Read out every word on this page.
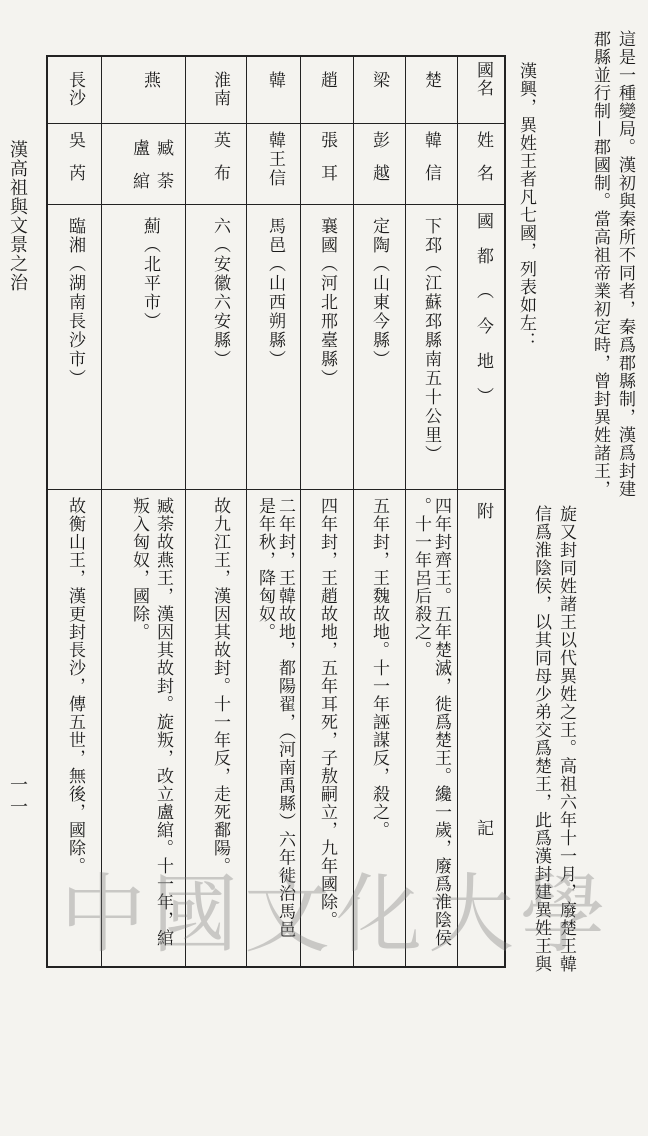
漢高祖與文景之治
一一
這是一種變局。漢初與秦所不同者，秦爲郡縣制，漢爲封建
郡縣並行制—郡國制。當高祖帝業初定時，曾封異姓諸王，
漢興，異姓王者凡七國，列表如左：
旋又封同姓諸王以代異姓之王。高祖六年十一月，廢楚王韓
信爲淮陰侯，以其同母少弟交爲楚王，此爲漢封建異姓王與
國名
姓名
國都（今地）
附記
楚
韓信
下邳（江蘇邳縣南五十公里）
四年封齊王。五年楚滅，徙爲楚王。纔一歲，廢爲淮陰侯
。十一年呂后殺之。
梁
彭越
定陶（山東今縣）
五年封，王魏故地。十一年誣謀反，殺之。
趙
張耳
襄國（河北邢臺縣）
四年封，王趙故地，五年耳死，子敖嗣立，九年國除。
韓
韓王信
馬邑（山西朔縣）
二年封，王韓故地，都陽翟，（河南禹縣）六年徙治馬邑
是年秋，降匈奴。
淮南
英布
六（安徽六安縣）
故九江王，漢因其故封。十一年反，走死鄱陽。
燕
臧荼
盧綰
薊（北平市）
臧荼故燕王，漢因其故封。旋叛，改立盧綰。十一年，綰
叛入匈奴，國除。
長沙
吳芮
臨湘（湖南長沙市）
故衡山王，漢更封長沙，傳五世，無後，國除。
中國文化大學
